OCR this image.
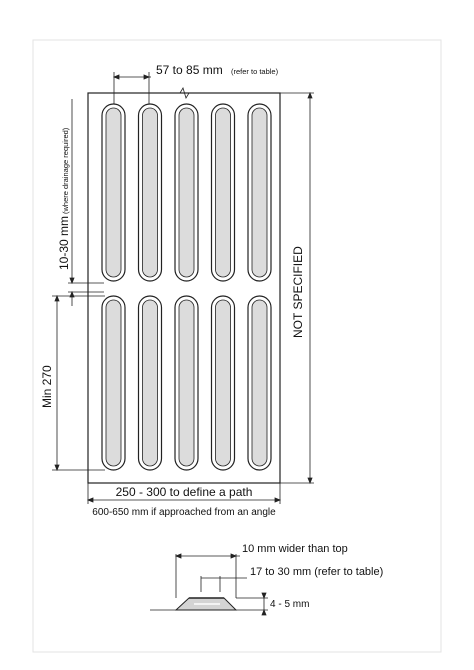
57 to 85 mm (refer to table)
10-30 mm
(where drainage required)
Min 270
NOT SPECIFIED
250 - 300 to define a path
600-650 mm if approached from an angle
10 mm wider than top
17 to 30 mm (refer to table)
4 - 5 mm
